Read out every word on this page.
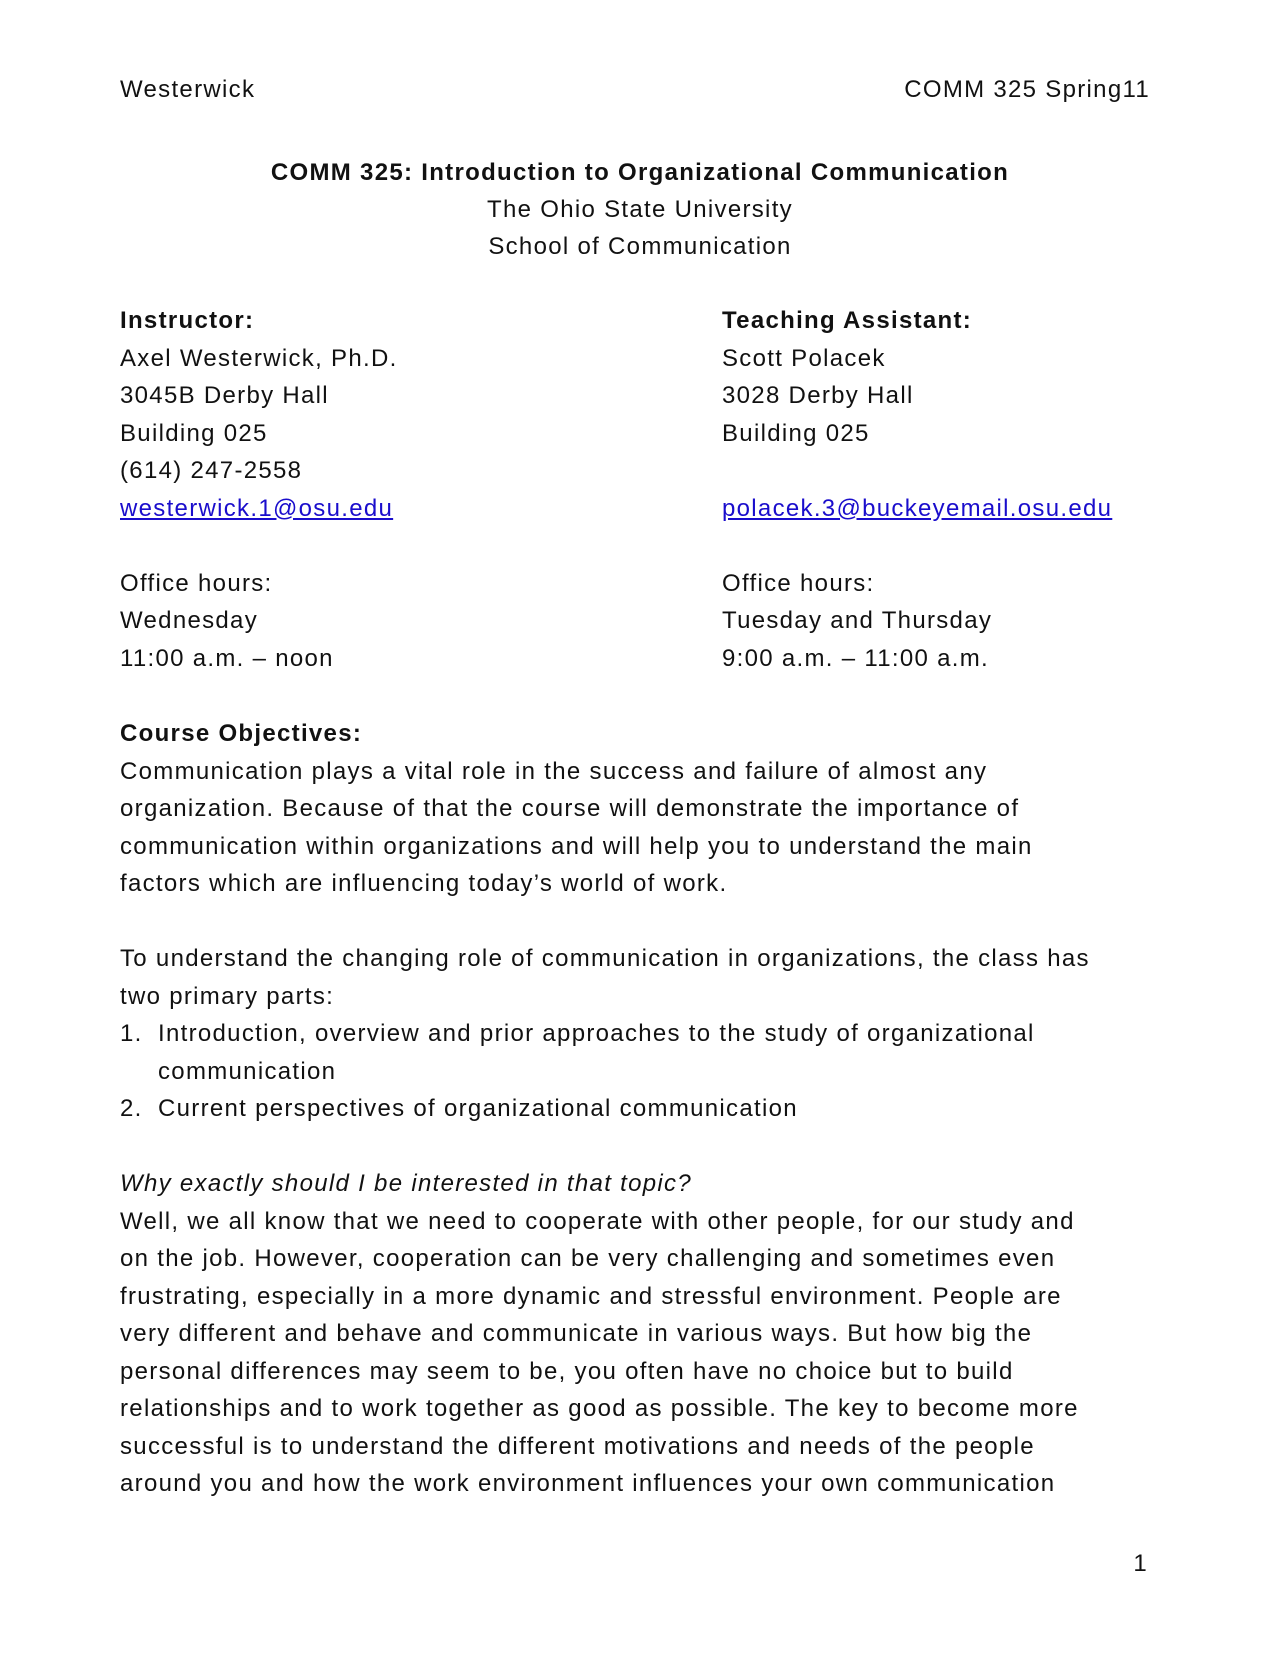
Westerwick	COMM 325 Spring11
COMM 325: Introduction to Organizational Communication
The Ohio State University
School of Communication
Instructor:
Axel Westerwick, Ph.D.
3045B Derby Hall
Building 025
(614) 247-2558
westerwick.1@osu.edu
Office hours:
Wednesday
11:00 a.m. – noon
Teaching Assistant:
Scott Polacek
3028 Derby Hall
Building 025
polacek.3@buckeyemail.osu.edu
Office hours:
Tuesday and Thursday
9:00 a.m. – 11:00 a.m.
Course Objectives:
Communication plays a vital role in the success and failure of almost any
organization. Because of that the course will demonstrate the importance of
communication within organizations and will help you to understand the main
factors which are influencing today’s world of work.
To understand the changing role of communication in organizations, the class has
two primary parts:
1. Introduction, overview and prior approaches to the study of organizational
communication
2. Current perspectives of organizational communication
Why exactly should I be interested in that topic?
Well, we all know that we need to cooperate with other people, for our study and
on the job. However, cooperation can be very challenging and sometimes even
frustrating, especially in a more dynamic and stressful environment. People are
very different and behave and communicate in various ways. But how big the
personal differences may seem to be, you often have no choice but to build
relationships and to work together as good as possible. The key to become more
successful is to understand the different motivations and needs of the people
around you and how the work environment influences your own communication
1
